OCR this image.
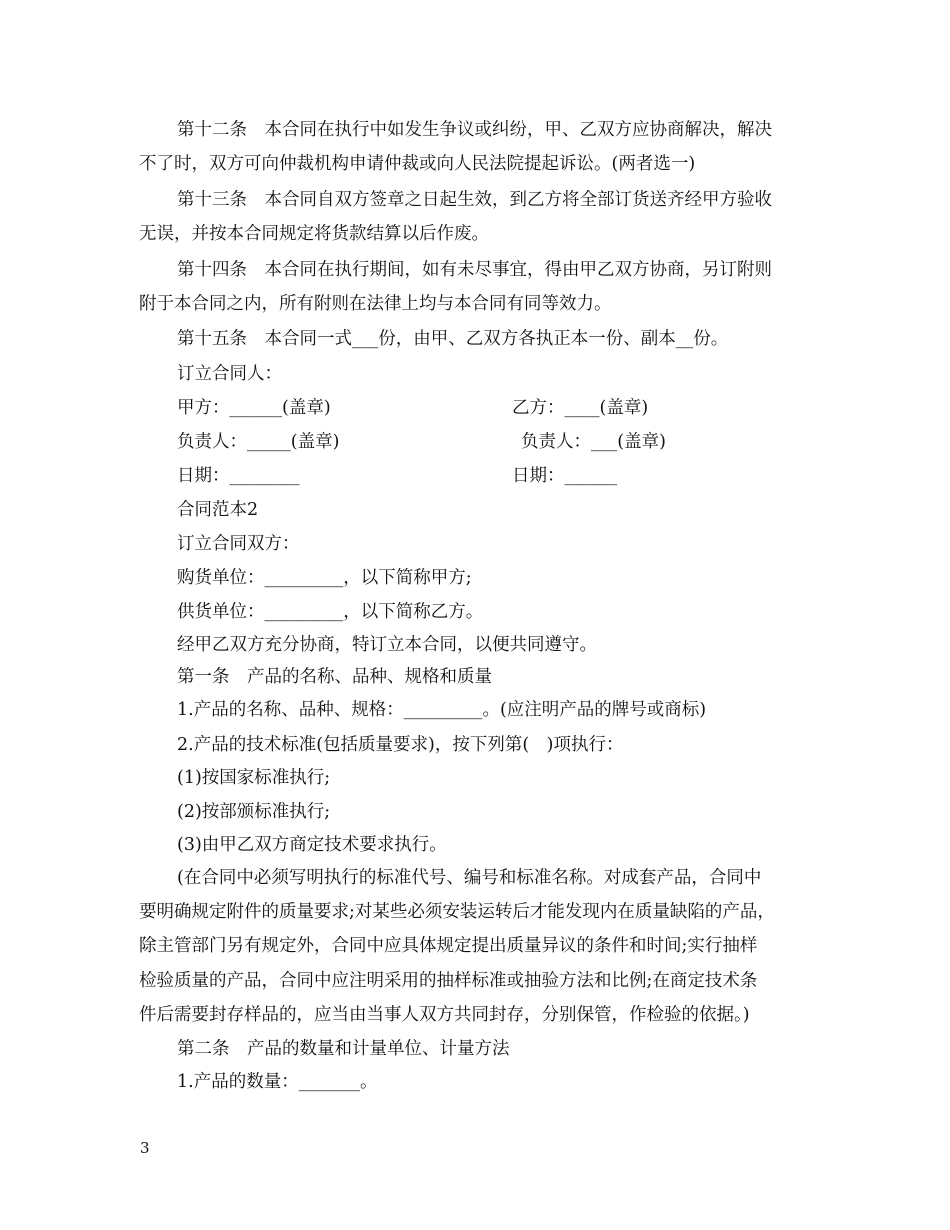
第十二条　本合同在执行中如发生争议或纠纷，甲、乙双方应协商解决，解决
不了时，双方可向仲裁机构申请仲裁或向人民法院提起诉讼。(两者选一)
第十三条　本合同自双方签章之日起生效，到乙方将全部订货送齐经甲方验收
无误，并按本合同规定将货款结算以后作废。
第十四条　本合同在执行期间，如有未尽事宜，得由甲乙双方协商，另订附则
附于本合同之内，所有附则在法律上均与本合同有同等效力。
第十五条　本合同一式___份，由甲、乙双方各执正本一份、副本__份。
订立合同人：
甲方：______(盖章)	乙方：____(盖章)
负责人：_____(盖章)	负责人：___(盖章)
日期：________	日期：______
合同范本2
订立合同双方：
购货单位：_________，以下简称甲方;
供货单位：_________，以下简称乙方。
经甲乙双方充分协商，特订立本合同，以便共同遵守。
第一条　产品的名称、品种、规格和质量
1.产品的名称、品种、规格：_________。(应注明产品的牌号或商标)
2.产品的技术标准(包括质量要求)，按下列第(　)项执行：
(1)按国家标准执行;
(2)按部颁标准执行;
(3)由甲乙双方商定技术要求执行。
(在合同中必须写明执行的标准代号、编号和标准名称。对成套产品，合同中
要明确规定附件的质量要求;对某些必须安装运转后才能发现内在质量缺陷的产品，
除主管部门另有规定外，合同中应具体规定提出质量异议的条件和时间;实行抽样
检验质量的产品，合同中应注明采用的抽样标准或抽验方法和比例;在商定技术条
件后需要封存样品的，应当由当事人双方共同封存，分别保管，作检验的依据。)
第二条　产品的数量和计量单位、计量方法
1.产品的数量：_______。
3
